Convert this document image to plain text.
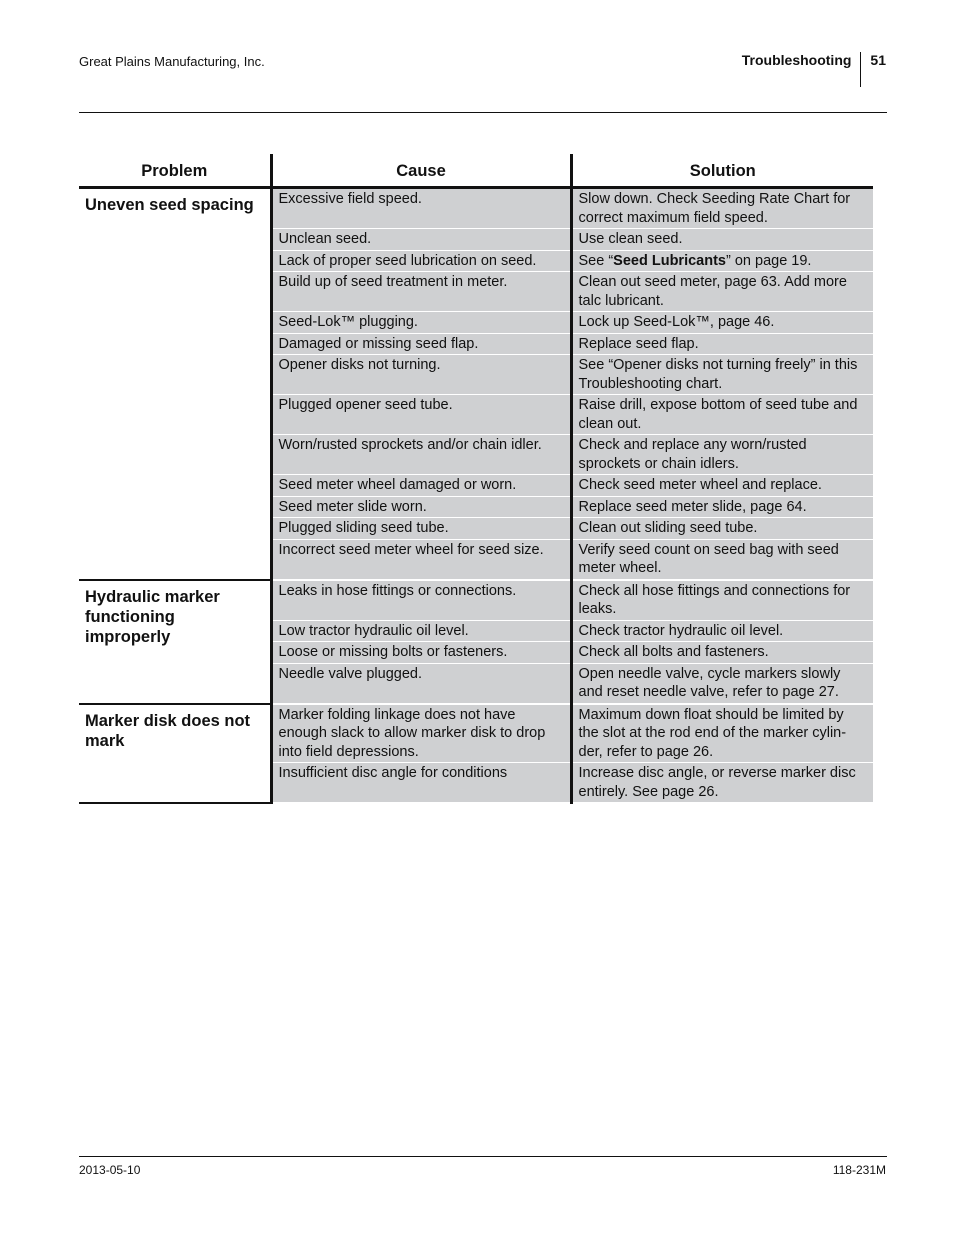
Great Plains Manufacturing, Inc.	Troubleshooting 51
Problem	Cause	Solution
Uneven seed spacing	Excessive field speed.	Slow down. Check Seeding Rate Chart for correct maximum field speed.
	Unclean seed.	Use clean seed.
	Lack of proper seed lubrication on seed.	See “Seed Lubricants” on page 19.
	Build up of seed treatment in meter.	Clean out seed meter, page 63. Add more talc lubricant.
	Seed-Lok™ plugging.	Lock up Seed-Lok™, page 46.
	Damaged or missing seed flap.	Replace seed flap.
	Opener disks not turning.	See “Opener disks not turning freely” in this Troubleshooting chart.
	Plugged opener seed tube.	Raise drill, expose bottom of seed tube and clean out.
	Worn/rusted sprockets and/or chain idler.	Check and replace any worn/rusted sprockets or chain idlers.
	Seed meter wheel damaged or worn.	Check seed meter wheel and replace.
	Seed meter slide worn.	Replace seed meter slide, page 64.
	Plugged sliding seed tube.	Clean out sliding seed tube.
	Incorrect seed meter wheel for seed size.	Verify seed count on seed bag with seed meter wheel.
Hydraulic marker functioning improperly	Leaks in hose fittings or connections.	Check all hose fittings and connections for leaks.
	Low tractor hydraulic oil level.	Check tractor hydraulic oil level.
	Loose or missing bolts or fasteners.	Check all bolts and fasteners.
	Needle valve plugged.	Open needle valve, cycle markers slowly and reset needle valve, refer to page 27.
Marker disk does not mark	Marker folding linkage does not have enough slack to allow marker disk to drop into field depressions.	Maximum down float should be limited by the slot at the rod end of the marker cylin-der, refer to page 26.
	Insufficient disc angle for conditions	Increase disc angle, or reverse marker disc entirely. See page 26.
2013-05-10	118-231M
